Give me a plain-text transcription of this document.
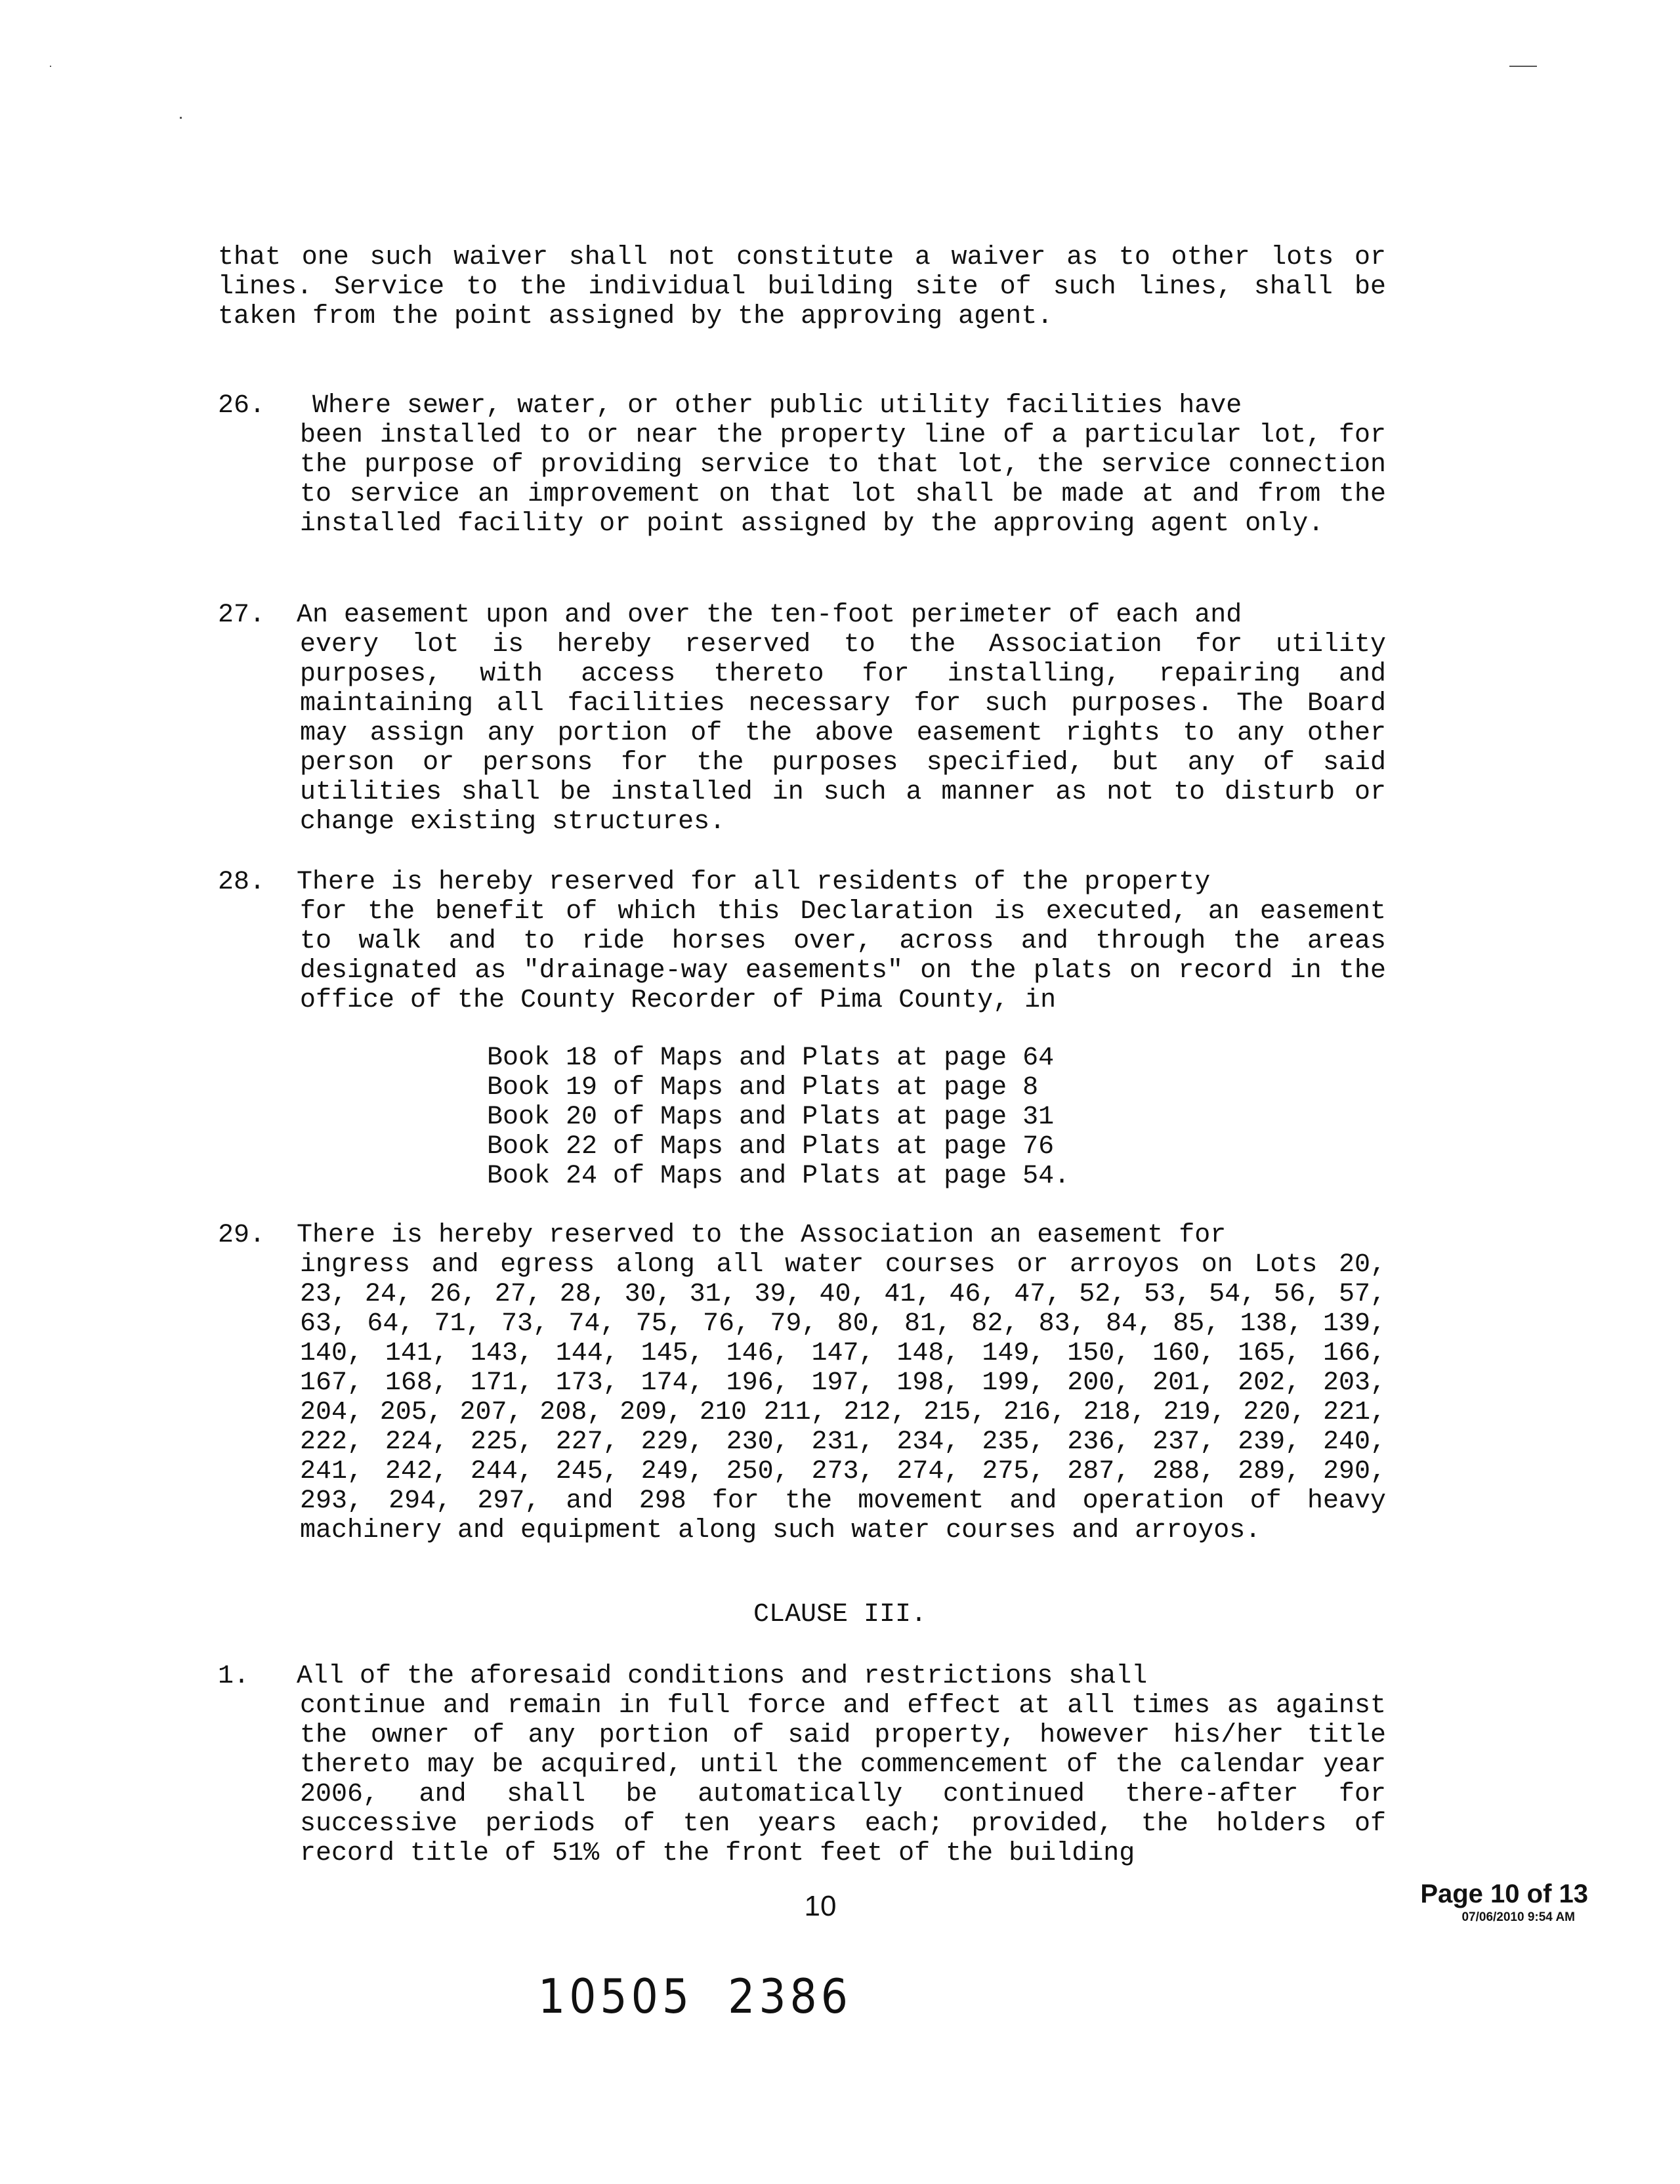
that one such waiver shall not constitute a waiver as to other lots or lines. Service to the individual building site of such lines, shall be taken from the point assigned by the approving agent.

26. Where sewer, water, or other public utility facilities have
been installed to or near the property line of a particular lot, for the purpose of providing service to that lot, the service connection to service an improvement on that lot shall be made at and from the installed facility or point assigned by the approving agent only.

27. An easement upon and over the ten-foot perimeter of each and
every lot is hereby reserved to the Association for utility purposes, with access thereto for installing, repairing and maintaining all facilities necessary for such purposes. The Board may assign any portion of the above easement rights to any other person or persons for the purposes specified, but any of said utilities shall be installed in such a manner as not to disturb or change existing structures.

28. There is hereby reserved for all residents of the property
for the benefit of which this Declaration is executed, an easement to walk and to ride horses over, across and through the areas designated as "drainage-way easements" on the plats on record in the office of the County Recorder of Pima County, in

Book 18 of Maps and Plats at page 64
Book 19 of Maps and Plats at page 8
Book 20 of Maps and Plats at page 31
Book 22 of Maps and Plats at page 76
Book 24 of Maps and Plats at page 54.

29. There is hereby reserved to the Association an easement for
ingress and egress along all water courses or arroyos on Lots 20, 23, 24, 26, 27, 28, 30, 31, 39, 40, 41, 46, 47, 52, 53, 54, 56, 57, 63, 64, 71, 73, 74, 75, 76, 79, 80, 81, 82, 83, 84, 85, 138, 139, 140, 141, 143, 144, 145, 146, 147, 148, 149, 150, 160, 165, 166, 167, 168, 171, 173, 174, 196, 197, 198, 199, 200, 201, 202, 203, 204, 205, 207, 208, 209, 210 211, 212, 215, 216, 218, 219, 220, 221, 222, 224, 225, 227, 229, 230, 231, 234, 235, 236, 237, 239, 240, 241, 242, 244, 245, 249, 250, 273, 274, 275, 287, 288, 289, 290, 293, 294, 297, and 298 for the movement and operation of heavy machinery and equipment along such water courses and arroyos.

CLAUSE III.

1. All of the aforesaid conditions and restrictions shall
continue and remain in full force and effect at all times as against the owner of any portion of said property, however his/her title thereto may be acquired, until the commencement of the calendar year 2006, and shall be automatically continued there-after for successive periods of ten years each; provided, the holders of record title of 51% of the front feet of the building

10
10505  2386
Page 10 of 13
07/06/2010 9:54 AM
